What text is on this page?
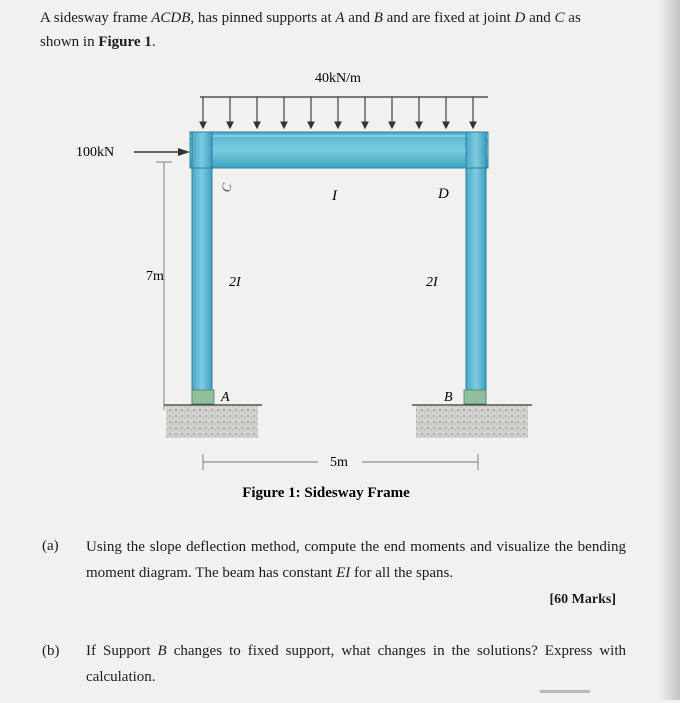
A sidesway frame ACDB, has pinned supports at A and B and are fixed at joint D and C as
shown in Figure 1.
40kN/m
100kN
C
I	D
7m	2I	2I
A	B
5m
Figure 1: Sidesway Frame
(a) Using the slope deflection method, compute the end moments and visualize the bending moment diagram. The beam has constant EI for all the spans.
[60 Marks]
(b) If Support B changes to fixed support, what changes in the solutions? Express with calculation.
